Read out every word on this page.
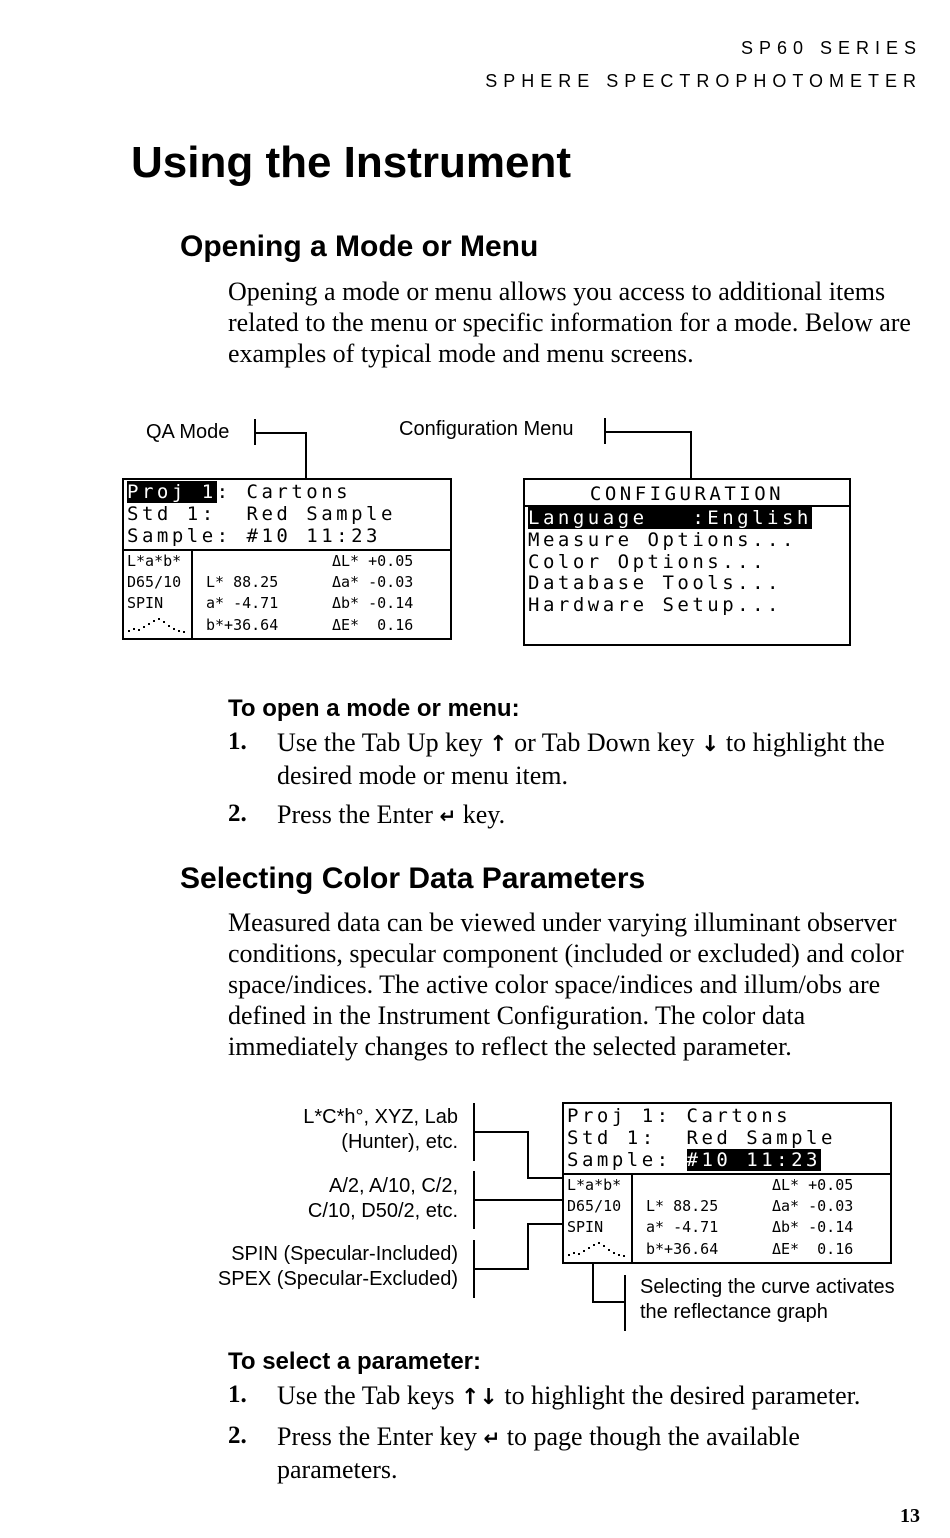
SP60 SERIES
SPHERE SPECTROPHOTOMETER
Using the Instrument
Opening a Mode or Menu
Opening a mode or menu allows you access to additional items related to the menu or specific information for a mode. Below are examples of typical mode and menu screens.
QA Mode	Configuration Menu
Proj 1: Cartons
Std 1:  Red Sample
Sample: #10 11:23
L*a*b*
D65/10
SPIN
L* 88.25
a* -4.71
b*+36.64
ΔL* +0.05
Δa* -0.03
Δb* -0.14
ΔE*  0.16
CONFIGURATION
Language   :English
Measure Options...
Color Options...
Database Tools...
Hardware Setup...
To open a mode or menu:
1. Use the Tab Up key ↑ or Tab Down key ↓ to highlight the desired mode or menu item.
2. Press the Enter ↵ key.
Selecting Color Data Parameters
Measured data can be viewed under varying illuminant observer conditions, specular component (included or excluded) and color space/indices. The active color space/indices and illum/obs are defined in the Instrument Configuration. The color data immediately changes to reflect the selected parameter.
L*C*h°, XYZ, Lab
(Hunter), etc.
A/2, A/10, C/2,
C/10, D50/2, etc.
SPIN (Specular-Included)
SPEX (Specular-Excluded)	Selecting the curve activates
the reflectance graph
Proj 1: Cartons
Std 1:  Red Sample
Sample: #10 11:23
L*a*b*
D65/10
SPIN
L* 88.25
a* -4.71
b*+36.64
ΔL* +0.05
Δa* -0.03
Δb* -0.14
ΔE*  0.16
To select a parameter:
1. Use the Tab keys ↑↓ to highlight the desired parameter.
2. Press the Enter key ↵ to page though the available parameters.
13
